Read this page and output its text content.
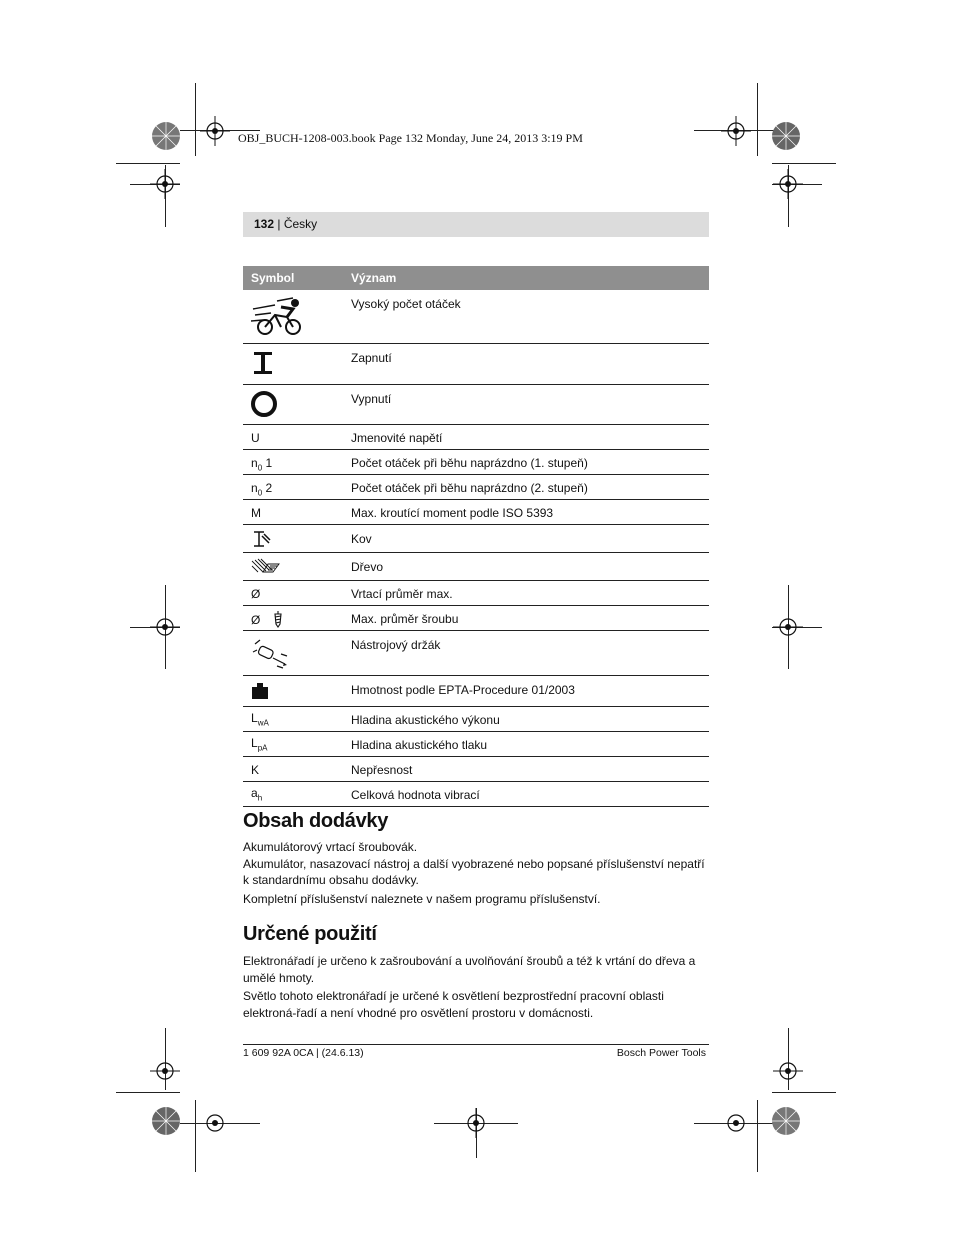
OBJ_BUCH-1208-003.book Page 132 Monday, June 24, 2013 3:19 PM
132 | Česky
Symbol	Význam
Vysoký počet otáček
Zapnutí
Vypnutí
U	Jmenovité napětí
$n_0$ 1	Počet otáček při běhu naprázdno (1. stupeň)
$n_0$ 2	Počet otáček při běhu naprázdno (2. stupeň)
M	Max. kroutící moment podle ISO 5393
Kov
Dřevo
Ø	Vrtací průměr max.
Ø	Max. průměr šroubu
Nástrojový držák
Hmotnost podle EPTA-Procedure 01/2003
$L_{wA}$	Hladina akustického výkonu
$L_{pA}$	Hladina akustického tlaku
K	Nepřesnost
$a_h$	Celková hodnota vibrací
Obsah dodávky

Akumulátorový vrtací šroubovák.
Akumulátor, nasazovací nástroj a další vyobrazené nebo popsané příslušenství nepatří k standardnímu obsahu dodávky.

Kompletní příslušenství naleznete v našem programu příslušenství.

Určené použití

Elektronářadí je určeno k zašroubování a uvolňování šroubů a též k vrtání do dřeva a umělé hmoty.

Světlo tohoto elektronářadí je určené k osvětlení bezprostřední pracovní oblasti elektroná-řadí a není vhodné pro osvětlení prostoru v domácnosti.

1 609 92A 0CA | (24.6.13)	Bosch Power Tools
